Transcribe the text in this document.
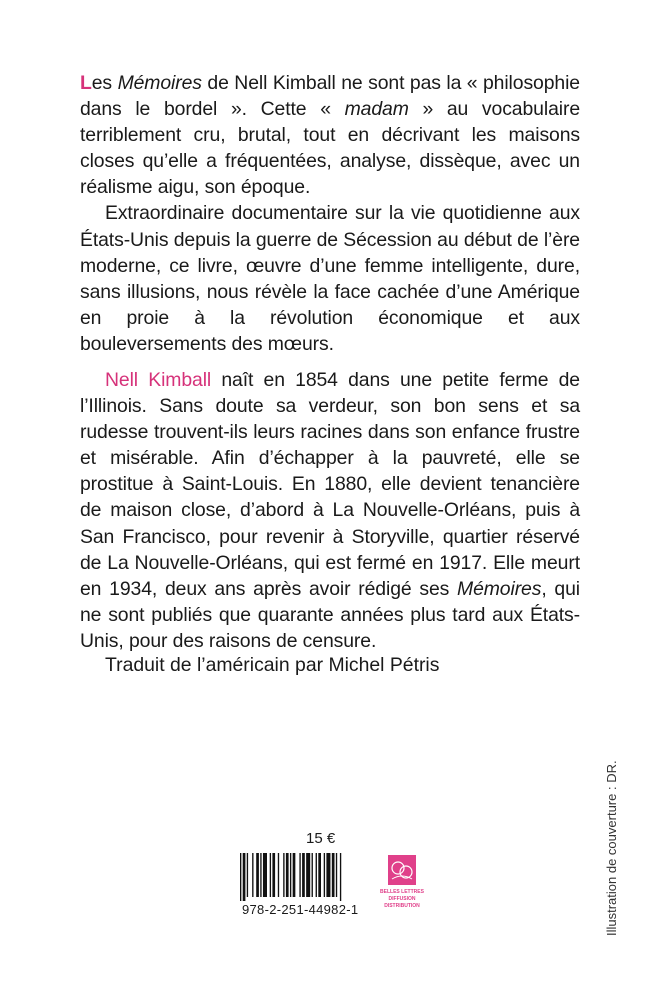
Les Mémoires de Nell Kimball ne sont pas la « philosophie dans le bordel ». Cette « madam » au vocabulaire terriblement cru, brutal, tout en décrivant les maisons closes qu’elle a fréquentées, analyse, dissèque, avec un réalisme aigu, son époque.

Extraordinaire documentaire sur la vie quotidienne aux États-Unis depuis la guerre de Sécession au début de l’ère moderne, ce livre, œuvre d’une femme intelligente, dure, sans illusions, nous révèle la face cachée d’une Amérique en proie à la révolution économique et aux bouleversements des mœurs.

Nell Kimball naît en 1854 dans une petite ferme de l’Illinois. Sans doute sa verdeur, son bon sens et sa rudesse trouvent-ils leurs racines dans son enfance frustre et misérable. Afin d’échapper à la pauvreté, elle se prostitue à Saint-Louis. En 1880, elle devient tenancière de maison close, d’abord à La Nouvelle-Orléans, puis à San Francisco, pour revenir à Storyville, quartier réservé de La Nouvelle-Orléans, qui est fermé en 1917. Elle meurt en 1934, deux ans après avoir rédigé ses Mémoires, qui ne sont publiés que quarante années plus tard aux États-Unis, pour des raisons de censure.

Traduit de l’américain par Michel Pétris
15 €
978-2-251-44982-1
BELLES LETTRES
DIFFUSION
DISTRIBUTION	Illustration de couverture : DR.
